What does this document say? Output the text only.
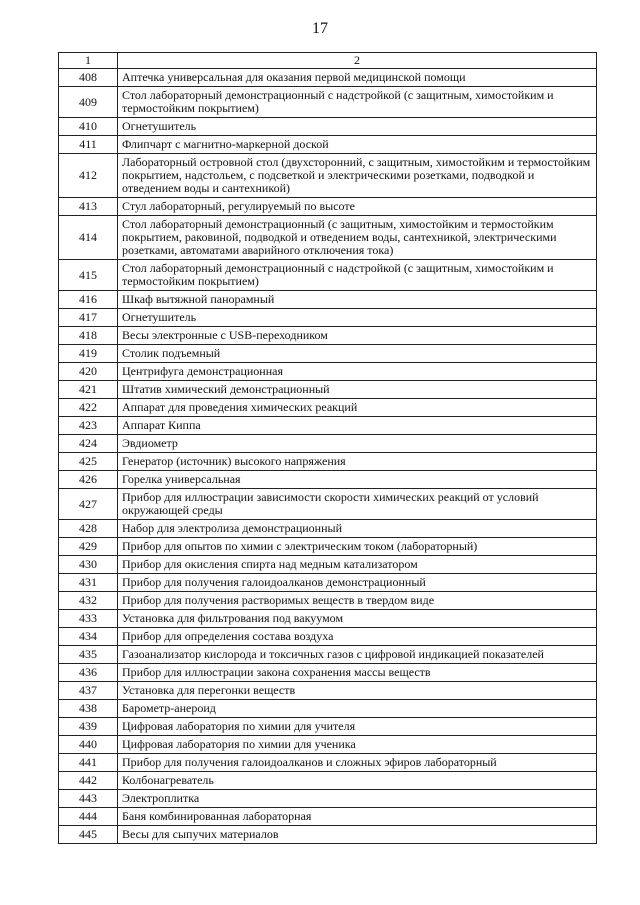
17
1	2
408	Аптечка универсальная для оказания первой медицинской помощи
409	Стол лабораторный демонстрационный с надстройкой (с защитным, химостойким и термостойким покрытием)
410	Огнетушитель
411	Флипчарт с магнитно-маркерной доской
412	Лабораторный островной стол (двухсторонний, с защитным, химостойким и термостойким покрытием, надстольем, с подсветкой и электрическими розетками, подводкой и отведением воды и сантехникой)
413	Стул лабораторный, регулируемый по высоте
414	Стол лабораторный демонстрационный (с защитным, химостойким и термостойким покрытием, раковиной, подводкой и отведением воды, сантехникой, электрическими розетками, автоматами аварийного отключения тока)
415	Стол лабораторный демонстрационный с надстройкой (с защитным, химостойким и термостойким покрытием)
416	Шкаф вытяжной панорамный
417	Огнетушитель
418	Весы электронные с USB-переходником
419	Столик подъемный
420	Центрифуга демонстрационная
421	Штатив химический демонстрационный
422	Аппарат для проведения химических реакций
423	Аппарат Киппа
424	Эвдиометр
425	Генератор (источник) высокого напряжения
426	Горелка универсальная
427	Прибор для иллюстрации зависимости скорости химических реакций от условий окружающей среды
428	Набор для электролиза демонстрационный
429	Прибор для опытов по химии с электрическим током (лабораторный)
430	Прибор для окисления спирта над медным катализатором
431	Прибор для получения галоидоалканов демонстрационный
432	Прибор для получения растворимых веществ в твердом виде
433	Установка для фильтрования под вакуумом
434	Прибор для определения состава воздуха
435	Газоанализатор кислорода и токсичных газов с цифровой индикацией показателей
436	Прибор для иллюстрации закона сохранения массы веществ
437	Установка для перегонки веществ
438	Барометр-анероид
439	Цифровая лаборатория по химии для учителя
440	Цифровая лаборатория по химии для ученика
441	Прибор для получения галоидоалканов и сложных эфиров лабораторный
442	Колбонагреватель
443	Электроплитка
444	Баня комбинированная лабораторная
445	Весы для сыпучих материалов
